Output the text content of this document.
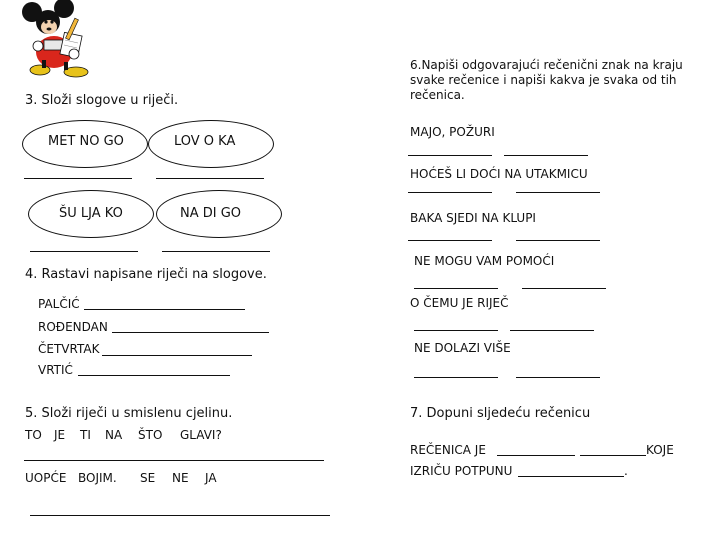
3. Složi slogove u riječi.
MET NO GO	LOV O KA
ŠU LJA KO	NA DI GO
4. Rastavi napisane riječi na slogove.
PALČIĆ
ROĐENDAN
ČETVRTAK
VRTIĆ
5. Složi riječi u smislenu cjelinu.
TO JE TI NA ŠTO GLAVI?
UOPĆE BOJIM. SE NE JA
6.Napiši odgovarajući rečenični znak na kraju
svake rečenice i napiši kakva je svaka od tih
rečenica.
MAJO, POŽURI
HOĆEŠ LI DOĆI NA UTAKMICU
BAKA SJEDI NA KLUPI
NE MOGU VAM POMOĆI
O ČEMU JE RIJEČ
NE DOLAZI VIŠE
7. Dopuni sljedeću rečenicu
REČENICA JE	KOJE
IZRIČU POTPUNU	.
